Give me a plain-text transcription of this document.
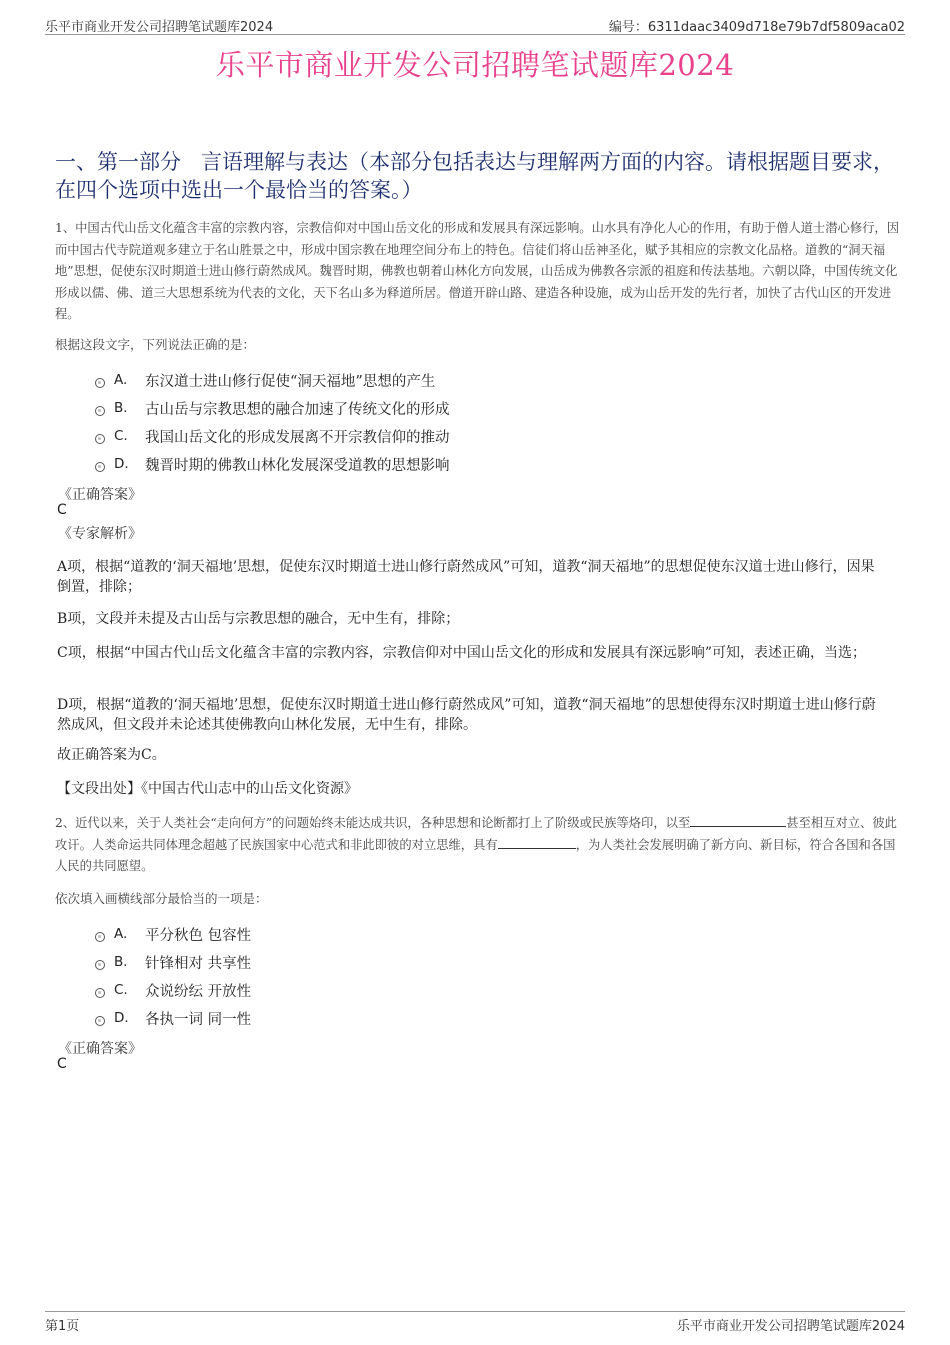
乐平市商业开发公司招聘笔试题库2024	编号：6311daac3409d718e79b7df5809aca02
乐平市商业开发公司招聘笔试题库2024
一、第一部分 言语理解与表达（本部分包括表达与理解两方面的内容。请根据题目要求，在四个选项中选出一个最恰当的答案。）
1、中国古代山岳文化蕴含丰富的宗教内容，宗教信仰对中国山岳文化的形成和发展具有深远影响。山水具有净化人心的作用，有助于僧人道士潜心修行，因而中国古代寺院道观多建立于名山胜景之中，形成中国宗教在地理空间分布上的特色。信徒们将山岳神圣化，赋予其相应的宗教文化品格。道教的“洞天福地”思想，促使东汉时期道士进山修行蔚然成风。魏晋时期，佛教也朝着山林化方向发展，山岳成为佛教各宗派的祖庭和传法基地。六朝以降，中国传统文化形成以儒、佛、道三大思想系统为代表的文化，天下名山多为释道所居。僧道开辟山路、建造各种设施，成为山岳开发的先行者，加快了古代山区的开发进程。
根据这段文字，下列说法正确的是：
A.	东汉道士进山修行促使“洞天福地”思想的产生
B.	古山岳与宗教思想的融合加速了传统文化的形成
C.	我国山岳文化的形成发展离不开宗教信仰的推动
D.	魏晋时期的佛教山林化发展深受道教的思想影响
《正确答案》
C
《专家解析》
A项，根据“道教的‘洞天福地’思想，促使东汉时期道士进山修行蔚然成风”可知，道教“洞天福地”的思想促使东汉道士进山修行，因果倒置，排除；
B项，文段并未提及古山岳与宗教思想的融合，无中生有，排除；
C项，根据“中国古代山岳文化蕴含丰富的宗教内容，宗教信仰对中国山岳文化的形成和发展具有深远影响”可知，表述正确，当选；
D项，根据“道教的‘洞天福地’思想，促使东汉时期道士进山修行蔚然成风”可知，道教“洞天福地”的思想使得东汉时期道士进山修行蔚然成风，但文段并未论述其使佛教向山林化发展，无中生有，排除。
故正确答案为C。
【文段出处】《中国古代山志中的山岳文化资源》
2、近代以来，关于人类社会“走向何方”的问题始终未能达成共识，各种思想和论断都打上了阶级或民族等烙印，以至	甚至相互对立、彼此攻讦。人类命运共同体理念超越了民族国家中心范式和非此即彼的对立思维，具有	，为人类社会发展明确了新方向、新目标，符合各国和各国人民的共同愿望。
依次填入画横线部分最恰当的一项是：
A.	平分秋色 包容性
B.	针锋相对 共享性
C.	众说纷纭 开放性
D.	各执一词 同一性
《正确答案》
C
第1页	乐平市商业开发公司招聘笔试题库2024
